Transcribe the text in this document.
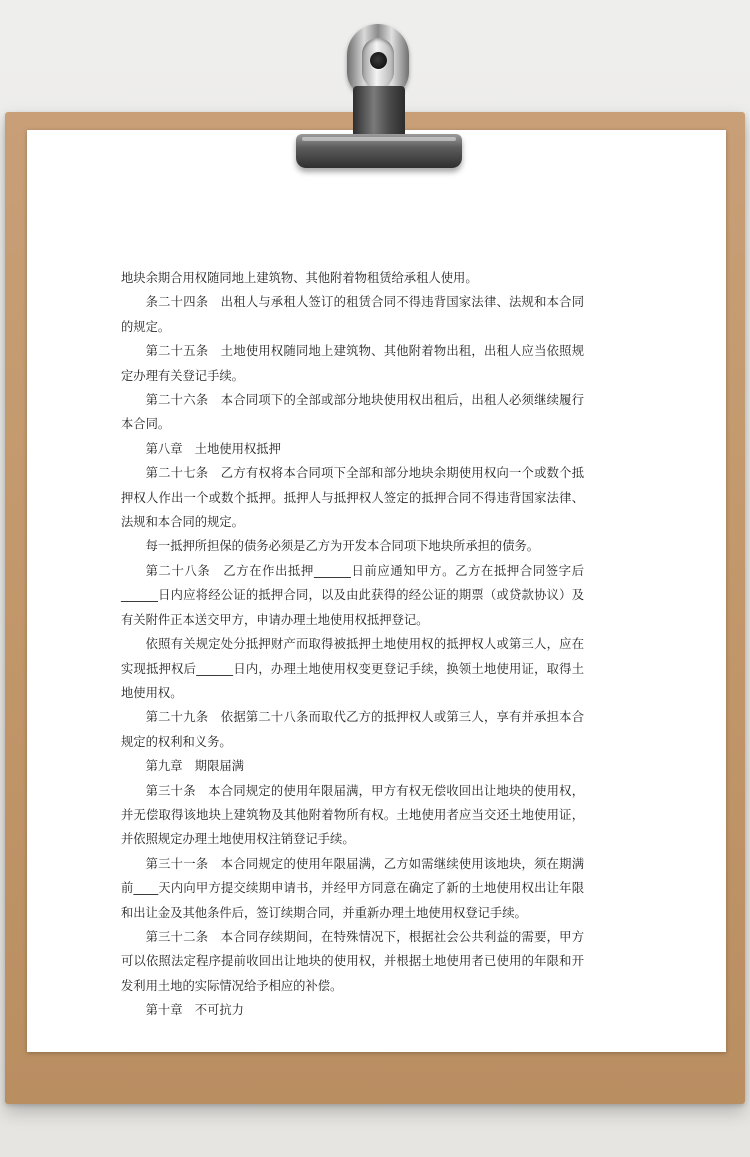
地块余期合用权随同地上建筑物、其他附着物租赁给承租人使用。

条二十四条　出租人与承租人签订的租赁合同不得违背国家法律、法规和本合同的规定。

第二十五条　土地使用权随同地上建筑物、其他附着物出租，出租人应当依照规定办理有关登记手续。

第二十六条　本合同项下的全部或部分地块使用权出租后，出租人必须继续履行本合同。

第八章　土地使用权抵押

第二十七条　乙方有权将本合同项下全部和部分地块余期使用权向一个或数个抵押权人作出一个或数个抵押。抵押人与抵押权人签定的抵押合同不得违背国家法律、法规和本合同的规定。

每一抵押所担保的债务必须是乙方为开发本合同项下地块所承担的债务。

第二十八条　乙方在作出抵押______日前应通知甲方。乙方在抵押合同签字后______日内应将经公证的抵押合同，以及由此获得的经公证的期票（或贷款协议）及有关附件正本送交甲方，申请办理土地使用权抵押登记。

依照有关规定处分抵押财产而取得被抵押土地使用权的抵押权人或第三人，应在实现抵押权后______日内，办理土地使用权变更登记手续，换领土地使用证，取得土地使用权。

第二十九条　依据第二十八条而取代乙方的抵押权人或第三人，享有并承担本合规定的权利和义务。

第九章　期限届满

第三十条　本合同规定的使用年限届满，甲方有权无偿收回出让地块的使用权，并无偿取得该地块上建筑物及其他附着物所有权。土地使用者应当交还土地使用证，并依照规定办理土地使用权注销登记手续。

第三十一条　本合同规定的使用年限届满，乙方如需继续使用该地块，须在期满前____天内向甲方提交续期申请书，并经甲方同意在确定了新的土地使用权出让年限和出让金及其他条件后，签订续期合同，并重新办理土地使用权登记手续。

第三十二条　本合同存续期间，在特殊情况下，根据社会公共利益的需要，甲方可以依照法定程序提前收回出让地块的使用权，并根据土地使用者已使用的年限和开发利用土地的实际情况给予相应的补偿。

第十章　不可抗力
